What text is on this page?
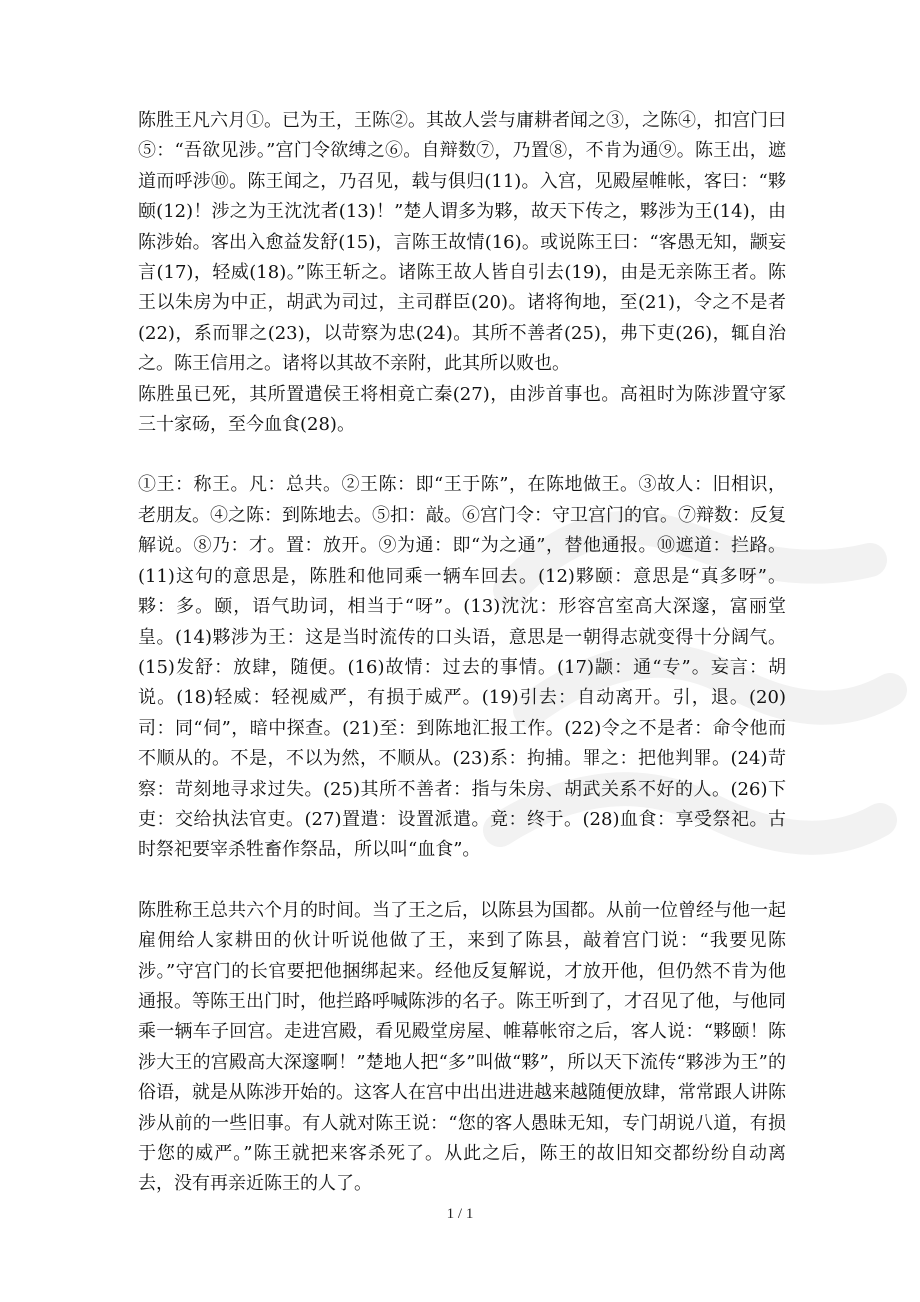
陈胜王凡六月①。已为王，王陈②。其故人尝与庸耕者闻之③，之陈④，扣宫门曰⑤：“吾欲见涉。”宫门令欲缚之⑥。自辩数⑦，乃置⑧，不肯为通⑨。陈王出，遮道而呼涉⑩。陈王闻之，乃召见，载与俱归(11)。入宫，见殿屋帷帐，客曰：“夥颐(12)！涉之为王沈沈者(13)！”楚人谓多为夥，故天下传之，夥涉为王(14)，由陈涉始。客出入愈益发舒(15)，言陈王故情(16)。或说陈王曰：“客愚无知，颛妄言(17)，轻威(18)。”陈王斩之。诸陈王故人皆自引去(19)，由是无亲陈王者。陈王以朱房为中正，胡武为司过，主司群臣(20)。诸将徇地，至(21)，令之不是者(22)，系而罪之(23)，以苛察为忠(24)。其所不善者(25)，弗下吏(26)，辄自治之。陈王信用之。诸将以其故不亲附，此其所以败也。

陈胜虽已死，其所置遣侯王将相竟亡秦(27)，由涉首事也。高祖时为陈涉置守冢三十家砀，至今血食(28)。

①王：称王。凡：总共。②王陈：即“王于陈”，在陈地做王。③故人：旧相识，老朋友。④之陈：到陈地去。⑤扣：敲。⑥宫门令：守卫宫门的官。⑦辩数：反复解说。⑧乃：才。置：放开。⑨为通：即“为之通”，替他通报。⑩遮道：拦路。(11)这句的意思是，陈胜和他同乘一辆车回去。(12)夥颐：意思是“真多呀”。夥：多。颐，语气助词，相当于“呀”。(13)沈沈：形容宫室高大深邃，富丽堂皇。(14)夥涉为王：这是当时流传的口头语，意思是一朝得志就变得十分阔气。(15)发舒：放肆，随便。(16)故情：过去的事情。(17)颛：通“专”。妄言：胡说。(18)轻威：轻视威严，有损于威严。(19)引去：自动离开。引，退。(20)司：同“伺”，暗中探查。(21)至：到陈地汇报工作。(22)令之不是者：命令他而不顺从的。不是，不以为然，不顺从。(23)系：拘捕。罪之：把他判罪。(24)苛察：苛刻地寻求过失。(25)其所不善者：指与朱房、胡武关系不好的人。(26)下吏：交给执法官吏。(27)置遣：设置派遣。竟：终于。(28)血食：享受祭祀。古时祭祀要宰杀牲畜作祭品，所以叫“血食”。

陈胜称王总共六个月的时间。当了王之后，以陈县为国都。从前一位曾经与他一起雇佣给人家耕田的伙计听说他做了王，来到了陈县，敲着宫门说：“我要见陈涉。”守宫门的长官要把他捆绑起来。经他反复解说，才放开他，但仍然不肯为他通报。等陈王出门时，他拦路呼喊陈涉的名子。陈王听到了，才召见了他，与他同乘一辆车子回宫。走进宫殿，看见殿堂房屋、帷幕帐帘之后，客人说：“夥颐！陈涉大王的宫殿高大深邃啊！”楚地人把“多”叫做“夥”，所以天下流传“夥涉为王”的俗语，就是从陈涉开始的。这客人在宫中出出进进越来越随便放肆，常常跟人讲陈涉从前的一些旧事。有人就对陈王说：“您的客人愚昧无知，专门胡说八道，有损于您的威严。”陈王就把来客杀死了。从此之后，陈王的故旧知交都纷纷自动离去，没有再亲近陈王的人了。

1 / 1
